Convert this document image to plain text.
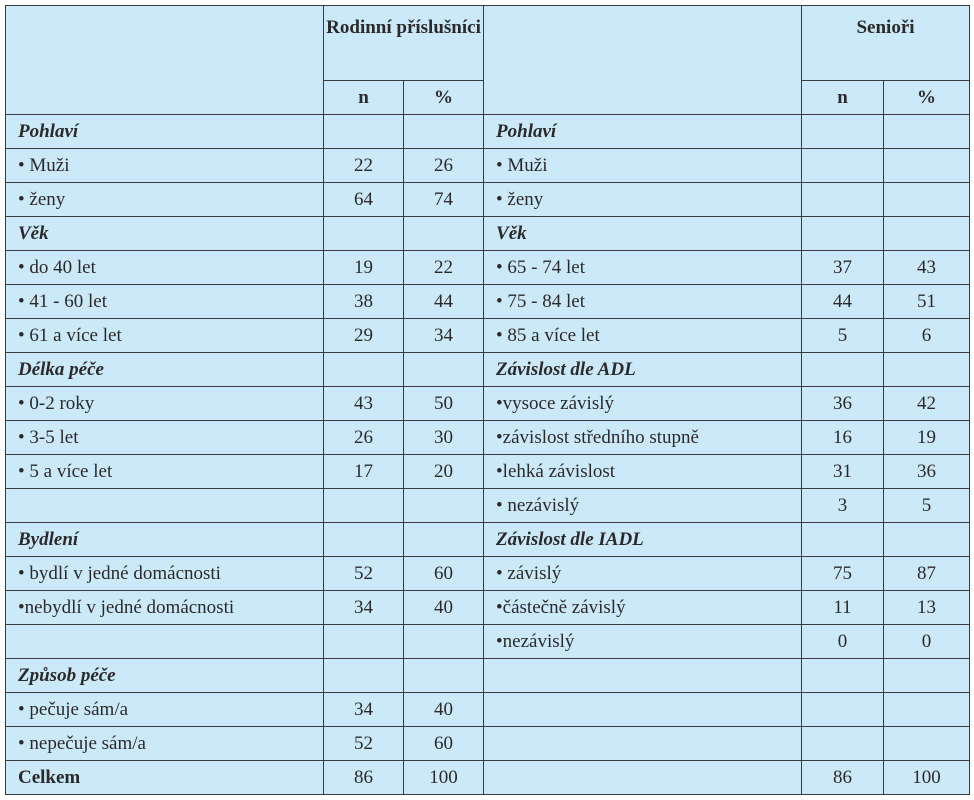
	Rodinní příslušníci			Senioři	
	n	%		n	%
Pohlaví			Pohlaví		
• Muži	22	26	• Muži		
• ženy	64	74	• ženy		
Věk			Věk		
• do 40 let	19	22	• 65 - 74 let	37	43
• 41 - 60 let	38	44	• 75 - 84 let	44	51
• 61 a více let	29	34	• 85 a více let	5	6
Délka péče			Závislost dle ADL		
• 0-2 roky	43	50	•vysoce závislý	36	42
• 3-5 let	26	30	•závislost středního stupně	16	19
• 5 a více let	17	20	•lehká závislost	31	36
			• nezávislý	3	5
Bydlení			Závislost dle IADL		
• bydlí v jedné domácnosti	52	60	• závislý	75	87
•nebydlí v jedné domácnosti	34	40	•částečně závislý	11	13
			•nezávislý	0	0
Způsob péče					
• pečuje sám/a	34	40			
• nepečuje sám/a	52	60			
Celkem	86	100		86	100
